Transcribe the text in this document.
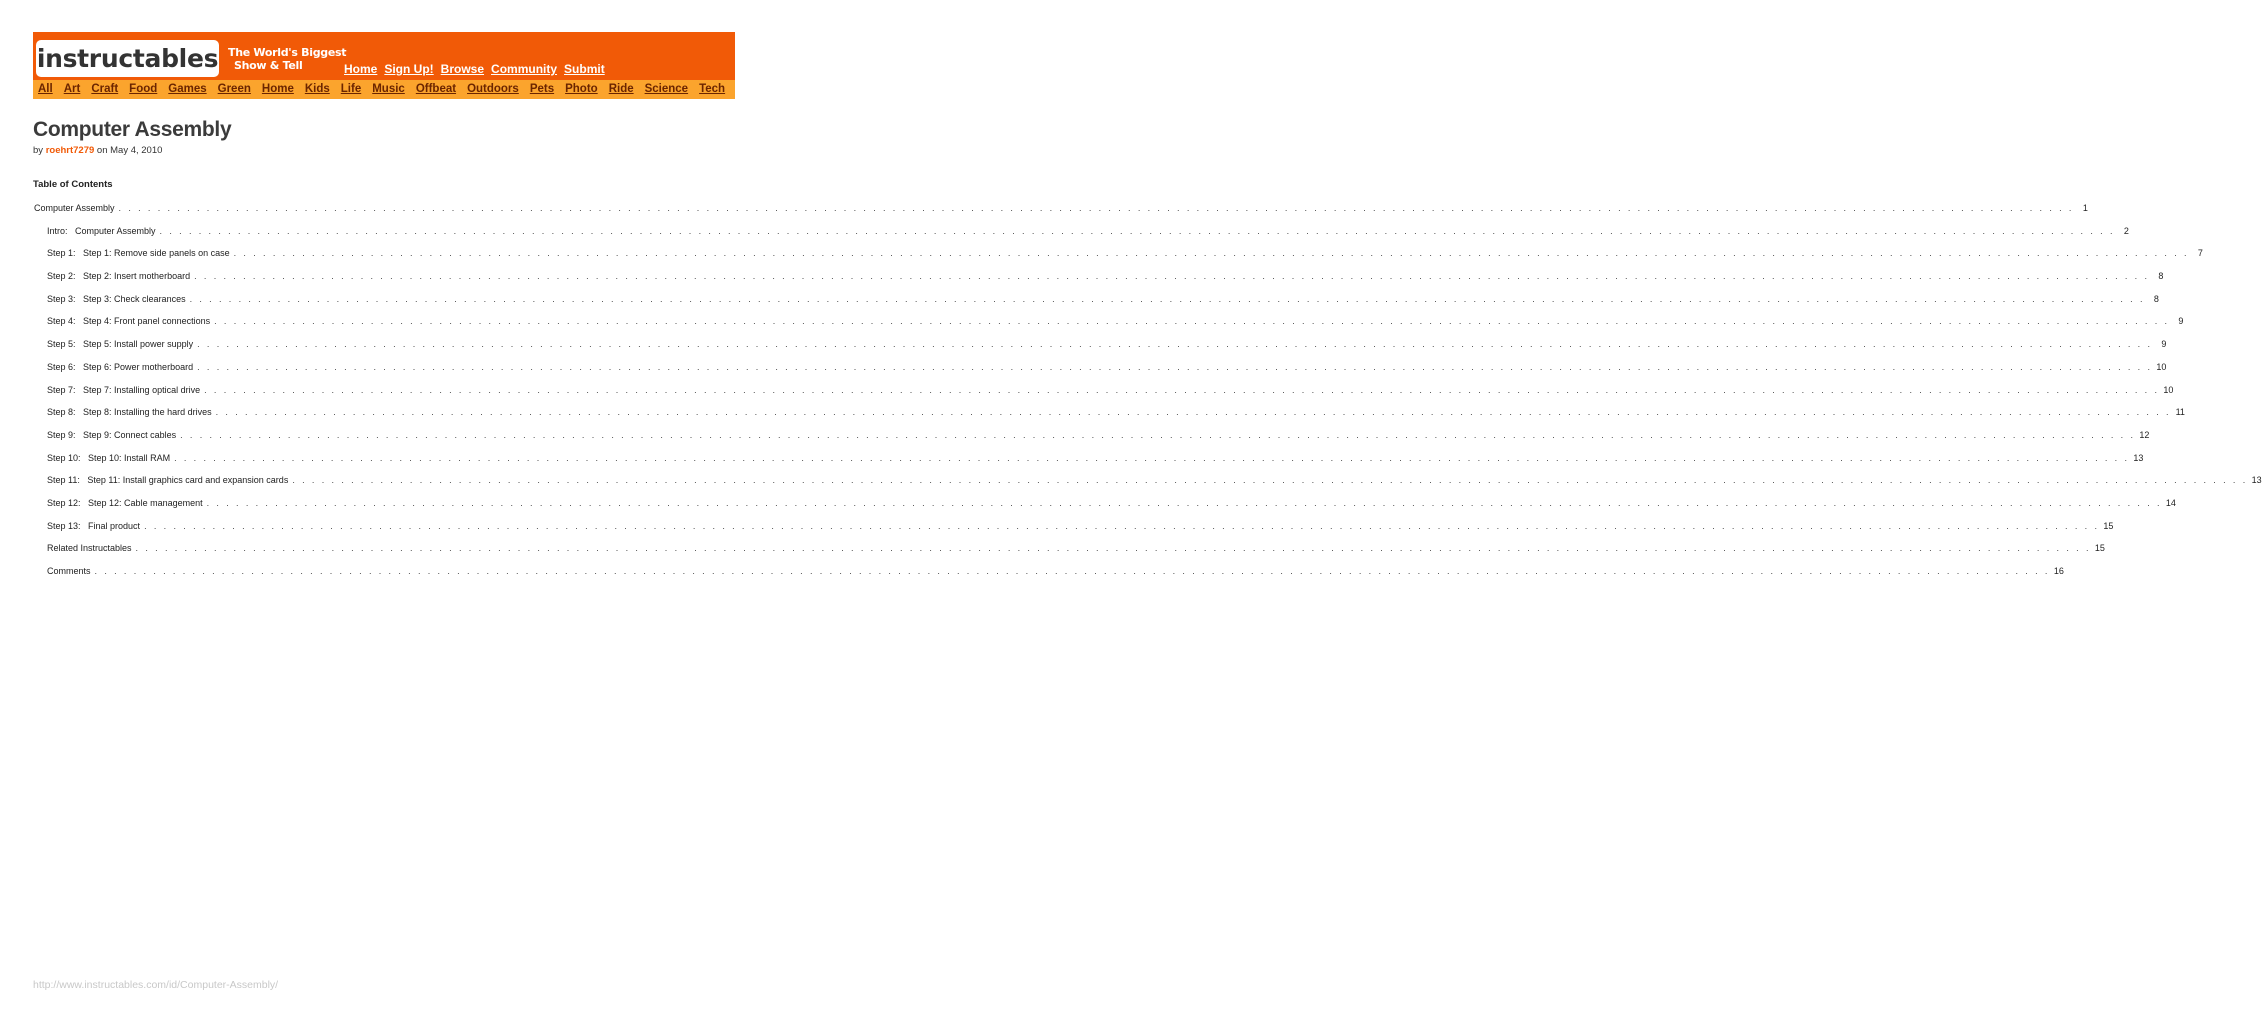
instructables The World's Biggest
Show & Tell	Home Sign Up! Browse Community Submit
All Art Craft Food Games Green Home Kids Life Music Offbeat Outdoors Pets Photo Ride Science Tech
Computer Assembly
by roehrt7279 on May 4, 2010
Table of Contents
Computer Assembly . . . . . . . . . . . . . . . . . . . . . . . . . . . . . . . . . . . . . . . . . . . . . . . . . . . . . . . . . . . . . . . . . . . . . . . . . . . . . . . . . . . . . . . . . . . . . . . . . . . . . . . . . . . . . . . . . . . . . . . . . . . . . . . . . . . . . . . . . . . . . . . . . . . . . . . . . . . . . . . . . . . . . . . . . . . . . . . . . . . . . . . . . . . . . . . . . . . . . . . . 1
Intro:   Computer Assembly . . . . . . . . . . . . . . . . . . . . . . . . . . . . . . . . . . . . . . . . . . . . . . . . . . . . . . . . . . . . . . . . . . . . . . . . . . . . . . . . . . . . . . . . . . . . . . . . . . . . . . . . . . . . . . . . . . . . . . . . . . . . . . . . . . . . . . . . . . . . . . . . . . . . . . . . . . . . . . . . . . . . . . . . . . . . . . . . . . . . . . . . . . . . . . . . . . . . . . . . 2
Step 1:   Step 1: Remove side panels on case . . . . . . . . . . . . . . . . . . . . . . . . . . . . . . . . . . . . . . . . . . . . . . . . . . . . . . . . . . . . . . . . . . . . . . . . . . . . . . . . . . . . . . . . . . . . . . . . . . . . . . . . . . . . . . . . . . . . . . . . . . . . . . . . . . . . . . . . . . . . . . . . . . . . . . . . . . . . . . . . . . . . . . . . . . . . . . . . . . . . . . . . . . . . . . . . . . . . . . . . 7
Step 2:   Step 2: Insert motherboard . . . . . . . . . . . . . . . . . . . . . . . . . . . . . . . . . . . . . . . . . . . . . . . . . . . . . . . . . . . . . . . . . . . . . . . . . . . . . . . . . . . . . . . . . . . . . . . . . . . . . . . . . . . . . . . . . . . . . . . . . . . . . . . . . . . . . . . . . . . . . . . . . . . . . . . . . . . . . . . . . . . . . . . . . . . . . . . . . . . . . . . . . . . . . . . . . . . . . . . . 8
Step 3:   Step 3: Check clearances . . . . . . . . . . . . . . . . . . . . . . . . . . . . . . . . . . . . . . . . . . . . . . . . . . . . . . . . . . . . . . . . . . . . . . . . . . . . . . . . . . . . . . . . . . . . . . . . . . . . . . . . . . . . . . . . . . . . . . . . . . . . . . . . . . . . . . . . . . . . . . . . . . . . . . . . . . . . . . . . . . . . . . . . . . . . . . . . . . . . . . . . . . . . . . . . . . . . . . . . 8
Step 4:   Step 4: Front panel connections . . . . . . . . . . . . . . . . . . . . . . . . . . . . . . . . . . . . . . . . . . . . . . . . . . . . . . . . . . . . . . . . . . . . . . . . . . . . . . . . . . . . . . . . . . . . . . . . . . . . . . . . . . . . . . . . . . . . . . . . . . . . . . . . . . . . . . . . . . . . . . . . . . . . . . . . . . . . . . . . . . . . . . . . . . . . . . . . . . . . . . . . . . . . . . . . . . . . . . . . 9
Step 5:   Step 5: Install power supply . . . . . . . . . . . . . . . . . . . . . . . . . . . . . . . . . . . . . . . . . . . . . . . . . . . . . . . . . . . . . . . . . . . . . . . . . . . . . . . . . . . . . . . . . . . . . . . . . . . . . . . . . . . . . . . . . . . . . . . . . . . . . . . . . . . . . . . . . . . . . . . . . . . . . . . . . . . . . . . . . . . . . . . . . . . . . . . . . . . . . . . . . . . . . . . . . . . . . . . . 9
Step 6:   Step 6: Power motherboard . . . . . . . . . . . . . . . . . . . . . . . . . . . . . . . . . . . . . . . . . . . . . . . . . . . . . . . . . . . . . . . . . . . . . . . . . . . . . . . . . . . . . . . . . . . . . . . . . . . . . . . . . . . . . . . . . . . . . . . . . . . . . . . . . . . . . . . . . . . . . . . . . . . . . . . . . . . . . . . . . . . . . . . . . . . . . . . . . . . . . . . . . . . . . . . . . . . . . . . . 10
Step 7:   Step 7: Installing optical drive . . . . . . . . . . . . . . . . . . . . . . . . . . . . . . . . . . . . . . . . . . . . . . . . . . . . . . . . . . . . . . . . . . . . . . . . . . . . . . . . . . . . . . . . . . . . . . . . . . . . . . . . . . . . . . . . . . . . . . . . . . . . . . . . . . . . . . . . . . . . . . . . . . . . . . . . . . . . . . . . . . . . . . . . . . . . . . . . . . . . . . . . . . . . . . . . . . . . . . . . 10
Step 8:   Step 8: Installing the hard drives . . . . . . . . . . . . . . . . . . . . . . . . . . . . . . . . . . . . . . . . . . . . . . . . . . . . . . . . . . . . . . . . . . . . . . . . . . . . . . . . . . . . . . . . . . . . . . . . . . . . . . . . . . . . . . . . . . . . . . . . . . . . . . . . . . . . . . . . . . . . . . . . . . . . . . . . . . . . . . . . . . . . . . . . . . . . . . . . . . . . . . . . . . . . . . . . . . . . . . . . 11
Step 9:   Step 9: Connect cables . . . . . . . . . . . . . . . . . . . . . . . . . . . . . . . . . . . . . . . . . . . . . . . . . . . . . . . . . . . . . . . . . . . . . . . . . . . . . . . . . . . . . . . . . . . . . . . . . . . . . . . . . . . . . . . . . . . . . . . . . . . . . . . . . . . . . . . . . . . . . . . . . . . . . . . . . . . . . . . . . . . . . . . . . . . . . . . . . . . . . . . . . . . . . . . . . . . . . . . . 12
Step 10:   Step 10: Install RAM . . . . . . . . . . . . . . . . . . . . . . . . . . . . . . . . . . . . . . . . . . . . . . . . . . . . . . . . . . . . . . . . . . . . . . . . . . . . . . . . . . . . . . . . . . . . . . . . . . . . . . . . . . . . . . . . . . . . . . . . . . . . . . . . . . . . . . . . . . . . . . . . . . . . . . . . . . . . . . . . . . . . . . . . . . . . . . . . . . . . . . . . . . . . . . . . . . . . . . . . 13
Step 11:   Step 11: Install graphics card and expansion cards . . . . . . . . . . . . . . . . . . . . . . . . . . . . . . . . . . . . . . . . . . . . . . . . . . . . . . . . . . . . . . . . . . . . . . . . . . . . . . . . . . . . . . . . . . . . . . . . . . . . . . . . . . . . . . . . . . . . . . . . . . . . . . . . . . . . . . . . . . . . . . . . . . . . . . . . . . . . . . . . . . . . . . . . . . . . . . . . . . . . . . . . . . . . . . . . . . . . . . . . 13
Step 12:   Step 12: Cable management . . . . . . . . . . . . . . . . . . . . . . . . . . . . . . . . . . . . . . . . . . . . . . . . . . . . . . . . . . . . . . . . . . . . . . . . . . . . . . . . . . . . . . . . . . . . . . . . . . . . . . . . . . . . . . . . . . . . . . . . . . . . . . . . . . . . . . . . . . . . . . . . . . . . . . . . . . . . . . . . . . . . . . . . . . . . . . . . . . . . . . . . . . . . . . . . . . . . . . . . 14
Step 13:   Final product . . . . . . . . . . . . . . . . . . . . . . . . . . . . . . . . . . . . . . . . . . . . . . . . . . . . . . . . . . . . . . . . . . . . . . . . . . . . . . . . . . . . . . . . . . . . . . . . . . . . . . . . . . . . . . . . . . . . . . . . . . . . . . . . . . . . . . . . . . . . . . . . . . . . . . . . . . . . . . . . . . . . . . . . . . . . . . . . . . . . . . . . . . . . . . . . . . . . . . . . 15
Related Instructables . . . . . . . . . . . . . . . . . . . . . . . . . . . . . . . . . . . . . . . . . . . . . . . . . . . . . . . . . . . . . . . . . . . . . . . . . . . . . . . . . . . . . . . . . . . . . . . . . . . . . . . . . . . . . . . . . . . . . . . . . . . . . . . . . . . . . . . . . . . . . . . . . . . . . . . . . . . . . . . . . . . . . . . . . . . . . . . . . . . . . . . . . . . . . . . . . . . . . . . . 15
Comments . . . . . . . . . . . . . . . . . . . . . . . . . . . . . . . . . . . . . . . . . . . . . . . . . . . . . . . . . . . . . . . . . . . . . . . . . . . . . . . . . . . . . . . . . . . . . . . . . . . . . . . . . . . . . . . . . . . . . . . . . . . . . . . . . . . . . . . . . . . . . . . . . . . . . . . . . . . . . . . . . . . . . . . . . . . . . . . . . . . . . . . . . . . . . . . . . . . . . . . . 16
http://www.instructables.com/id/Computer-Assembly/
